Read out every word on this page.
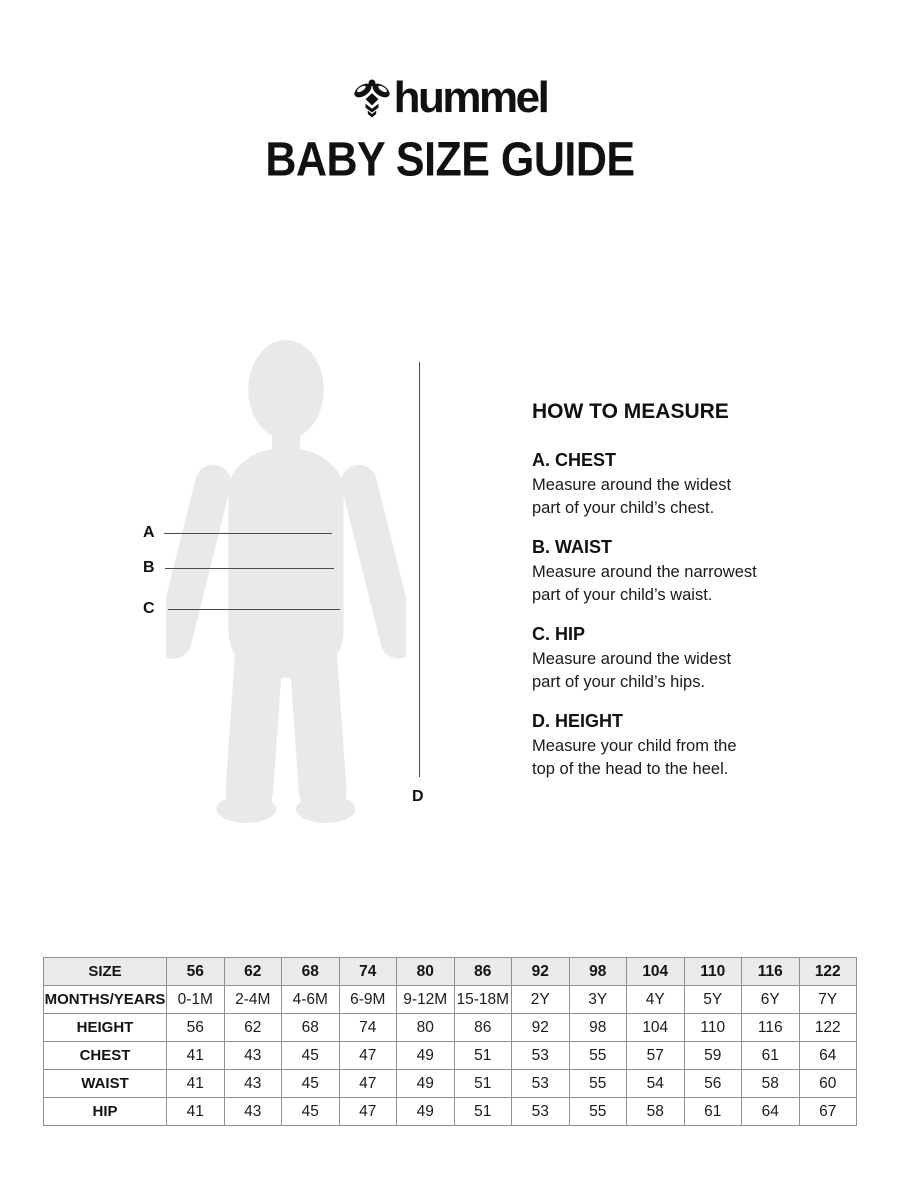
hummel
BABY SIZE GUIDE
A
B
C
D
HOW TO MEASURE
A. CHEST
Measure around the widest
part of your child’s chest.
B. WAIST
Measure around the narrowest
part of your child’s waist.
C. HIP
Measure around the widest
part of your child’s hips.
D. HEIGHT
Measure your child from the
top of the head to the heel.
SIZE	56	62	68	74	80	86	92	98	104	110	116	122
MONTHS/YEARS	0-1M	2-4M	4-6M	6-9M	9-12M	15-18M	2Y	3Y	4Y	5Y	6Y	7Y
HEIGHT	56	62	68	74	80	86	92	98	104	110	116	122
CHEST	41	43	45	47	49	51	53	55	57	59	61	64
WAIST	41	43	45	47	49	51	53	55	54	56	58	60
HIP	41	43	45	47	49	51	53	55	58	61	64	67
